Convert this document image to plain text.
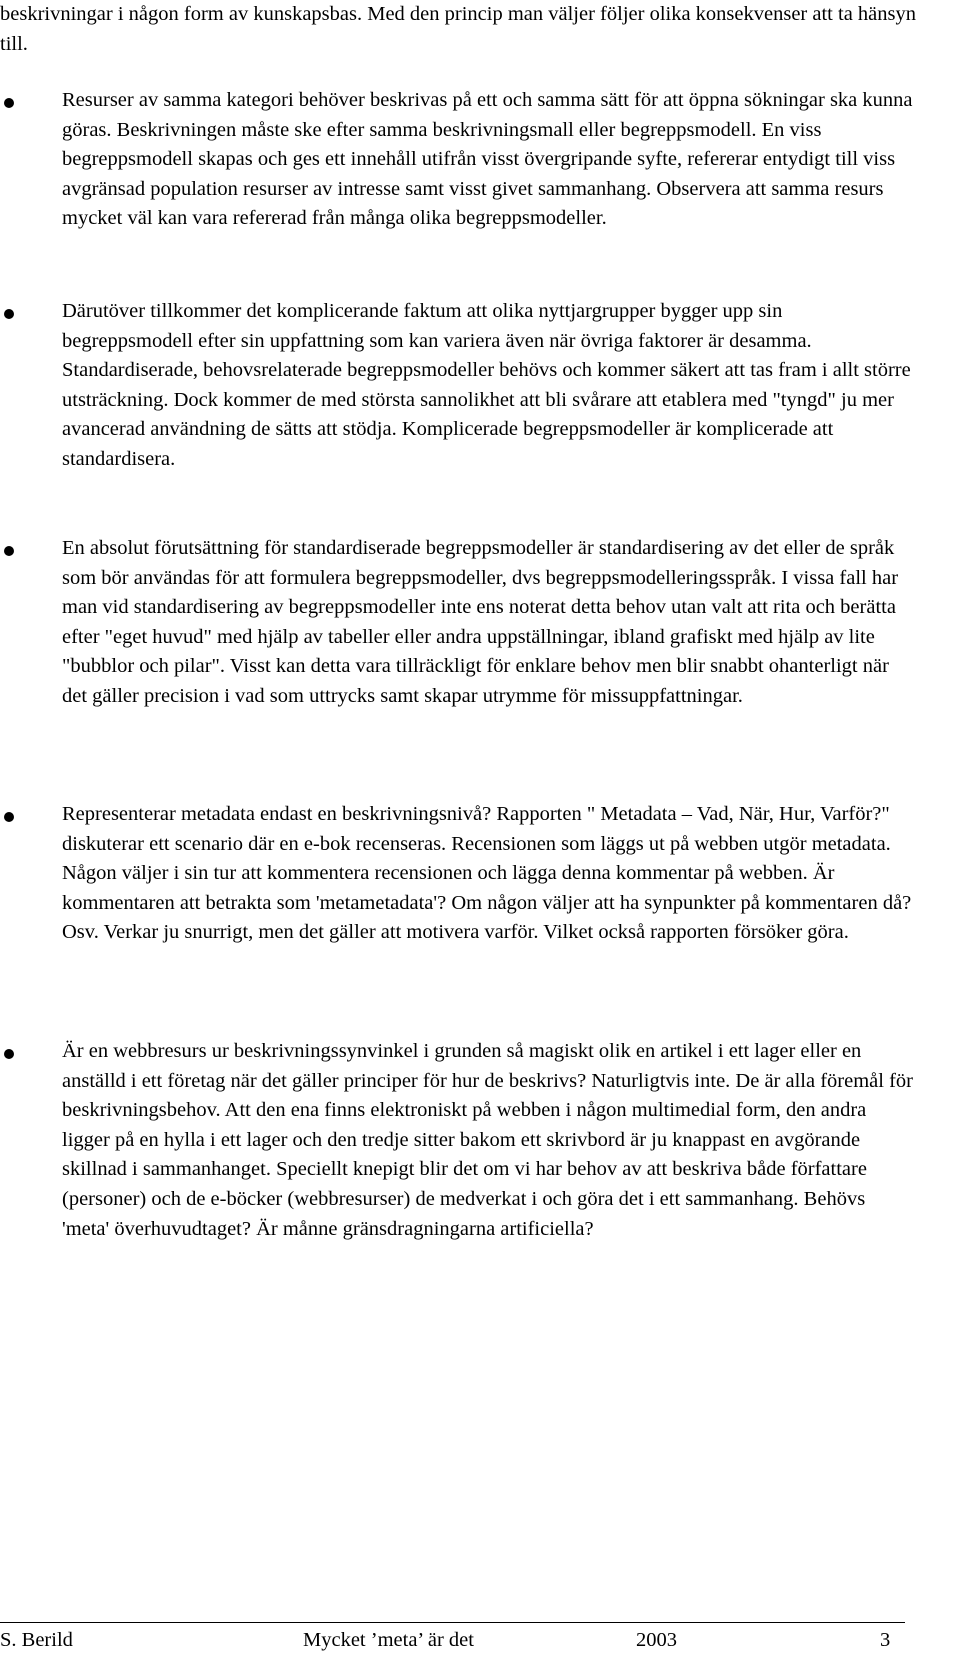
beskrivningar i någon form av kunskapsbas. Med den princip man väljer följer olika konsekvenser att ta hänsyn till.

Resurser av samma kategori behöver beskrivas på ett och samma sätt för att öppna sökningar ska kunna göras. Beskrivningen måste ske efter samma beskrivningsmall eller begreppsmodell. En viss begreppsmodell skapas och ges ett innehåll utifrån visst övergripande syfte, refererar entydigt till viss avgränsad population resurser av intresse samt visst givet sammanhang. Observera att samma resurs mycket väl kan vara refererad från många olika begreppsmodeller.

Därutöver tillkommer det komplicerande faktum att olika nyttjargrupper bygger upp sin begreppsmodell efter sin uppfattning som kan variera även när övriga faktorer är desamma. Standardiserade, behovsrelaterade begreppsmodeller behövs och kommer säkert att tas fram i allt större utsträckning. Dock kommer de med största sannolikhet att bli svårare att etablera med "tyngd" ju mer avancerad användning de sätts att stödja. Komplicerade begreppsmodeller är komplicerade att standardisera.

En absolut förutsättning för standardiserade begreppsmodeller är standardisering av det eller de språk som bör användas för att formulera begreppsmodeller, dvs begreppsmodelleringsspråk. I vissa fall har man vid standardisering av begreppsmodeller inte ens noterat detta behov utan valt att rita och berätta efter "eget huvud" med hjälp av tabeller eller andra uppställningar, ibland grafiskt med hjälp av lite "bubblor och pilar". Visst kan detta vara tillräckligt för enklare behov men blir snabbt ohanterligt när det gäller precision i vad som uttrycks samt skapar utrymme för missuppfattningar.

Representerar metadata endast en beskrivningsnivå? Rapporten " Metadata – Vad, När, Hur, Varför?" diskuterar ett scenario där en e-bok recenseras. Recensionen som läggs ut på webben utgör metadata. Någon väljer i sin tur att kommentera recensionen och lägga denna kommentar på webben. Är kommentaren att betrakta som 'metametadata'? Om någon väljer att ha synpunkter på kommentaren då? Osv. Verkar ju snurrigt, men det gäller att motivera varför. Vilket också rapporten försöker göra.

Är en webbresurs ur beskrivningssynvinkel i grunden så magiskt olik en artikel i ett lager eller en anställd i ett företag när det gäller principer för hur de beskrivs? Naturligtvis inte. De är alla föremål för beskrivningsbehov. Att den ena finns elektroniskt på webben i någon multimedial form, den andra ligger på en hylla i ett lager och den tredje sitter bakom ett skrivbord är ju knappast en avgörande skillnad i sammanhanget. Speciellt knepigt blir det om vi har behov av att beskriva både författare (personer) och de e-böcker (webbresurser) de medverkat i och göra det i ett sammanhang. Behövs 'meta' överhuvudtaget? Är månne gränsdragningarna artificiella?

S. Berild	Mycket ’meta’ är det	2003	3
